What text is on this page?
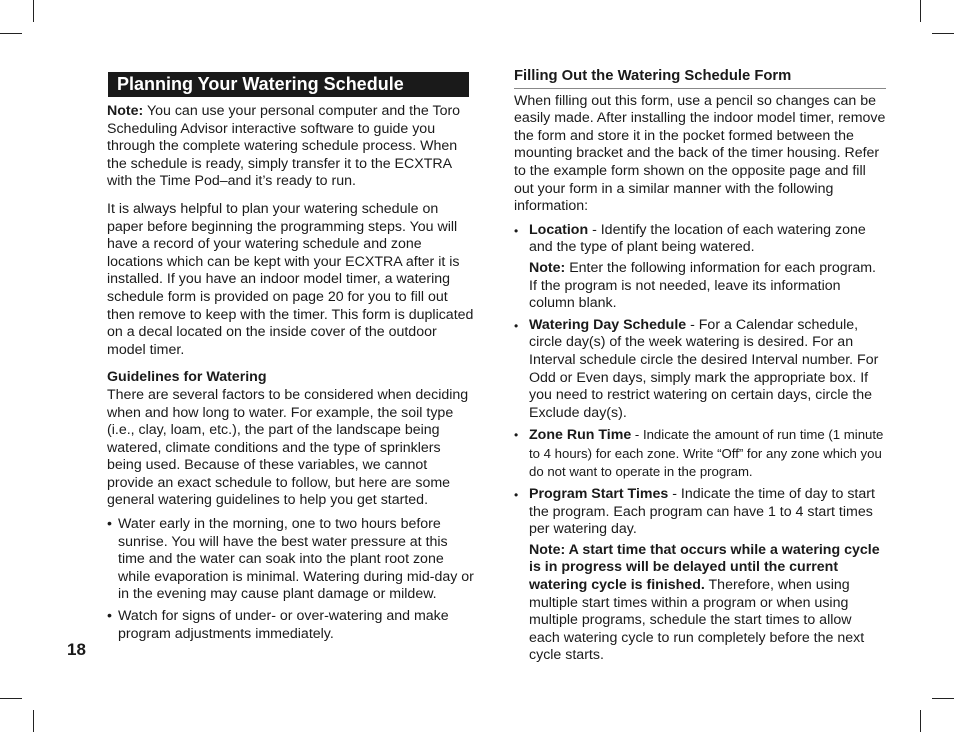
18
Planning Your Watering Schedule

Note: You can use your personal computer and the Toro Scheduling Advisor interactive software to guide you through the complete watering schedule process. When the schedule is ready, simply transfer it to the ECXTRA with the Time Pod–and it’s ready to run.

It is always helpful to plan your watering schedule on paper before beginning the programming steps. You will have a record of your watering schedule and zone locations which can be kept with your ECXTRA after it is installed. If you have an indoor model timer, a watering schedule form is provided on page 20 for you to fill out then remove to keep with the timer. This form is duplicated on a decal located on the inside cover of the outdoor model timer.

Guidelines for Watering

There are several factors to be considered when deciding when and how long to water. For example, the soil type (i.e., clay, loam, etc.), the part of the landscape being watered, climate conditions and the type of sprinklers being used. Because of these variables, we cannot provide an exact schedule to follow, but here are some general watering guidelines to help you get started.

• Water early in the morning, one to two hours before sunrise. You will have the best water pressure at this time and the water can soak into the plant root zone while evaporation is minimal. Watering during mid-day or in the evening may cause plant damage or mildew.
• Watch for signs of under- or over-watering and make program adjustments immediately.
Filling Out the Watering Schedule Form

When filling out this form, use a pencil so changes can be easily made. After installing the indoor model timer, remove the form and store it in the pocket formed between the mounting bracket and the back of the timer housing. Refer to the example form shown on the opposite page and fill out your form in a similar manner with the following information:

• Location - Identify the location of each watering zone and the type of plant being watered.

Note: Enter the following information for each program. If the program is not needed, leave its information column blank.

• Watering Day Schedule - For a Calendar schedule, circle day(s) of the week watering is desired. For an Interval schedule circle the desired Interval number. For Odd or Even days, simply mark the appropriate box. If you need to restrict watering on certain days, circle the Exclude day(s).
• Zone Run Time - Indicate the amount of run time (1 minute to 4 hours) for each zone. Write “Off” for any zone which you do not want to operate in the program.
• Program Start Times - Indicate the time of day to start the program. Each program can have 1 to 4 start times per watering day.

Note: A start time that occurs while a watering cycle is in progress will be delayed until the current watering cycle is finished. Therefore, when using multiple start times within a program or when using multiple programs, schedule the start times to allow each watering cycle to run completely before the next cycle starts.
